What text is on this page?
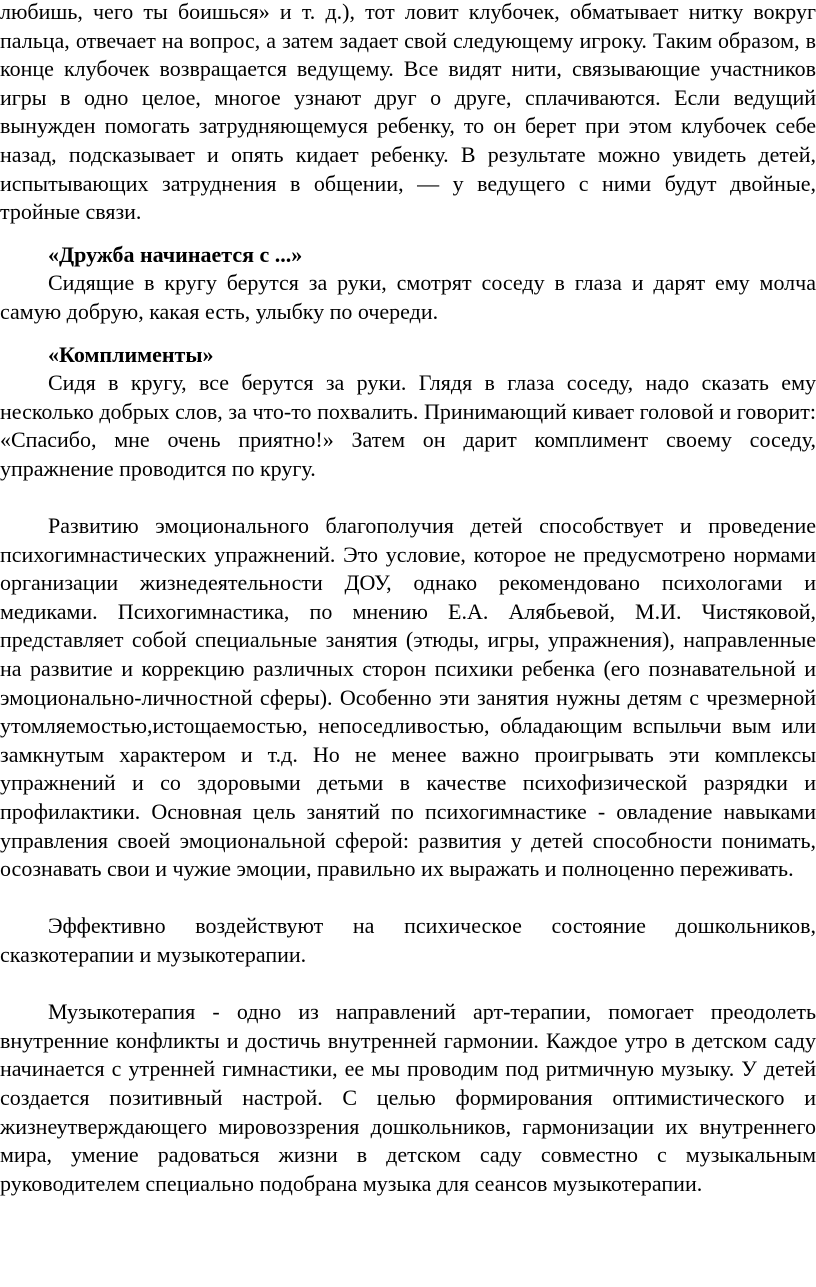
любишь, чего ты боишься» и т. д.), тот ловит клубочек, обматывает нитку вокруг пальца, отвечает на вопрос, а затем задает свой следующему игроку. Таким образом, в конце клубочек возвращается ведущему. Все видят нити, связывающие участников игры в одно целое, многое узнают друг о друге, сплачиваются. Если ведущий вынужден помогать затрудняющемуся ребенку, то он берет при этом клубочек себе назад, подсказывает и опять кидает ребенку. В результате можно увидеть детей, испытывающих затруднения в общении, — у ведущего с ними будут двойные, тройные связи.

«Дружба начинается с ...»

Сидящие в кругу берутся за руки, смотрят соседу в глаза и дарят ему молча самую добрую, какая есть, улыбку по очереди.

«Комплименты»

Сидя в кругу, все берутся за руки. Глядя в глаза соседу, надо сказать ему несколько добрых слов, за что-то похвалить. Принимающий кивает головой и говорит: «Спасибо, мне очень приятно!» Затем он дарит комплимент своему соседу, упражнение проводится по кругу.

Развитию эмоционального благополучия детей способствует и проведение психогимнастических упражнений. Это условие, которое не предусмотрено нормами организации жизнедеятельности ДОУ, однако рекомендовано психологами и медиками. Психогимнастика, по мнению Е.А. Алябьевой, М.И. Чистяковой, представляет собой специальные занятия (этюды, игры, упражнения), направленные на развитие и коррекцию различных сторон психики ребенка (его познавательной и эмоционально-личностной сферы). Особенно эти занятия нужны детям с чрезмерной утомляемостью,истощаемостью, непоседливостью, обладающим вспыльчи вым или замкнутым характером и т.д. Но не менее важно проигрывать эти комплексы упражнений и со здоровыми детьми в качестве психофизической разрядки и профилактики. Основная цель занятий по психогимнастике - овладение навыками управления своей эмоциональной сферой: развития у детей способности понимать, осознавать свои и чужие эмоции, правильно их выражать и полноценно переживать.

Эффективно воздействуют на психическое состояние дошкольников, сказкотерапии и музыкотерапии.

Музыкотерапия - одно из направлений арт-терапии, помогает преодолеть внутренние конфликты и достичь внутренней гармонии. Каждое утро в детском саду начинается с утренней гимнастики, ее мы проводим под ритмичную музыку. У детей создается позитивный настрой. С целью формирования оптимистического и жизнеутверждающего мировоззрения дошкольников, гармонизации их внутреннего мира, умение радоваться жизни в детском саду совместно с музыкальным руководителем специально подобрана музыка для сеансов музыкотерапии.
